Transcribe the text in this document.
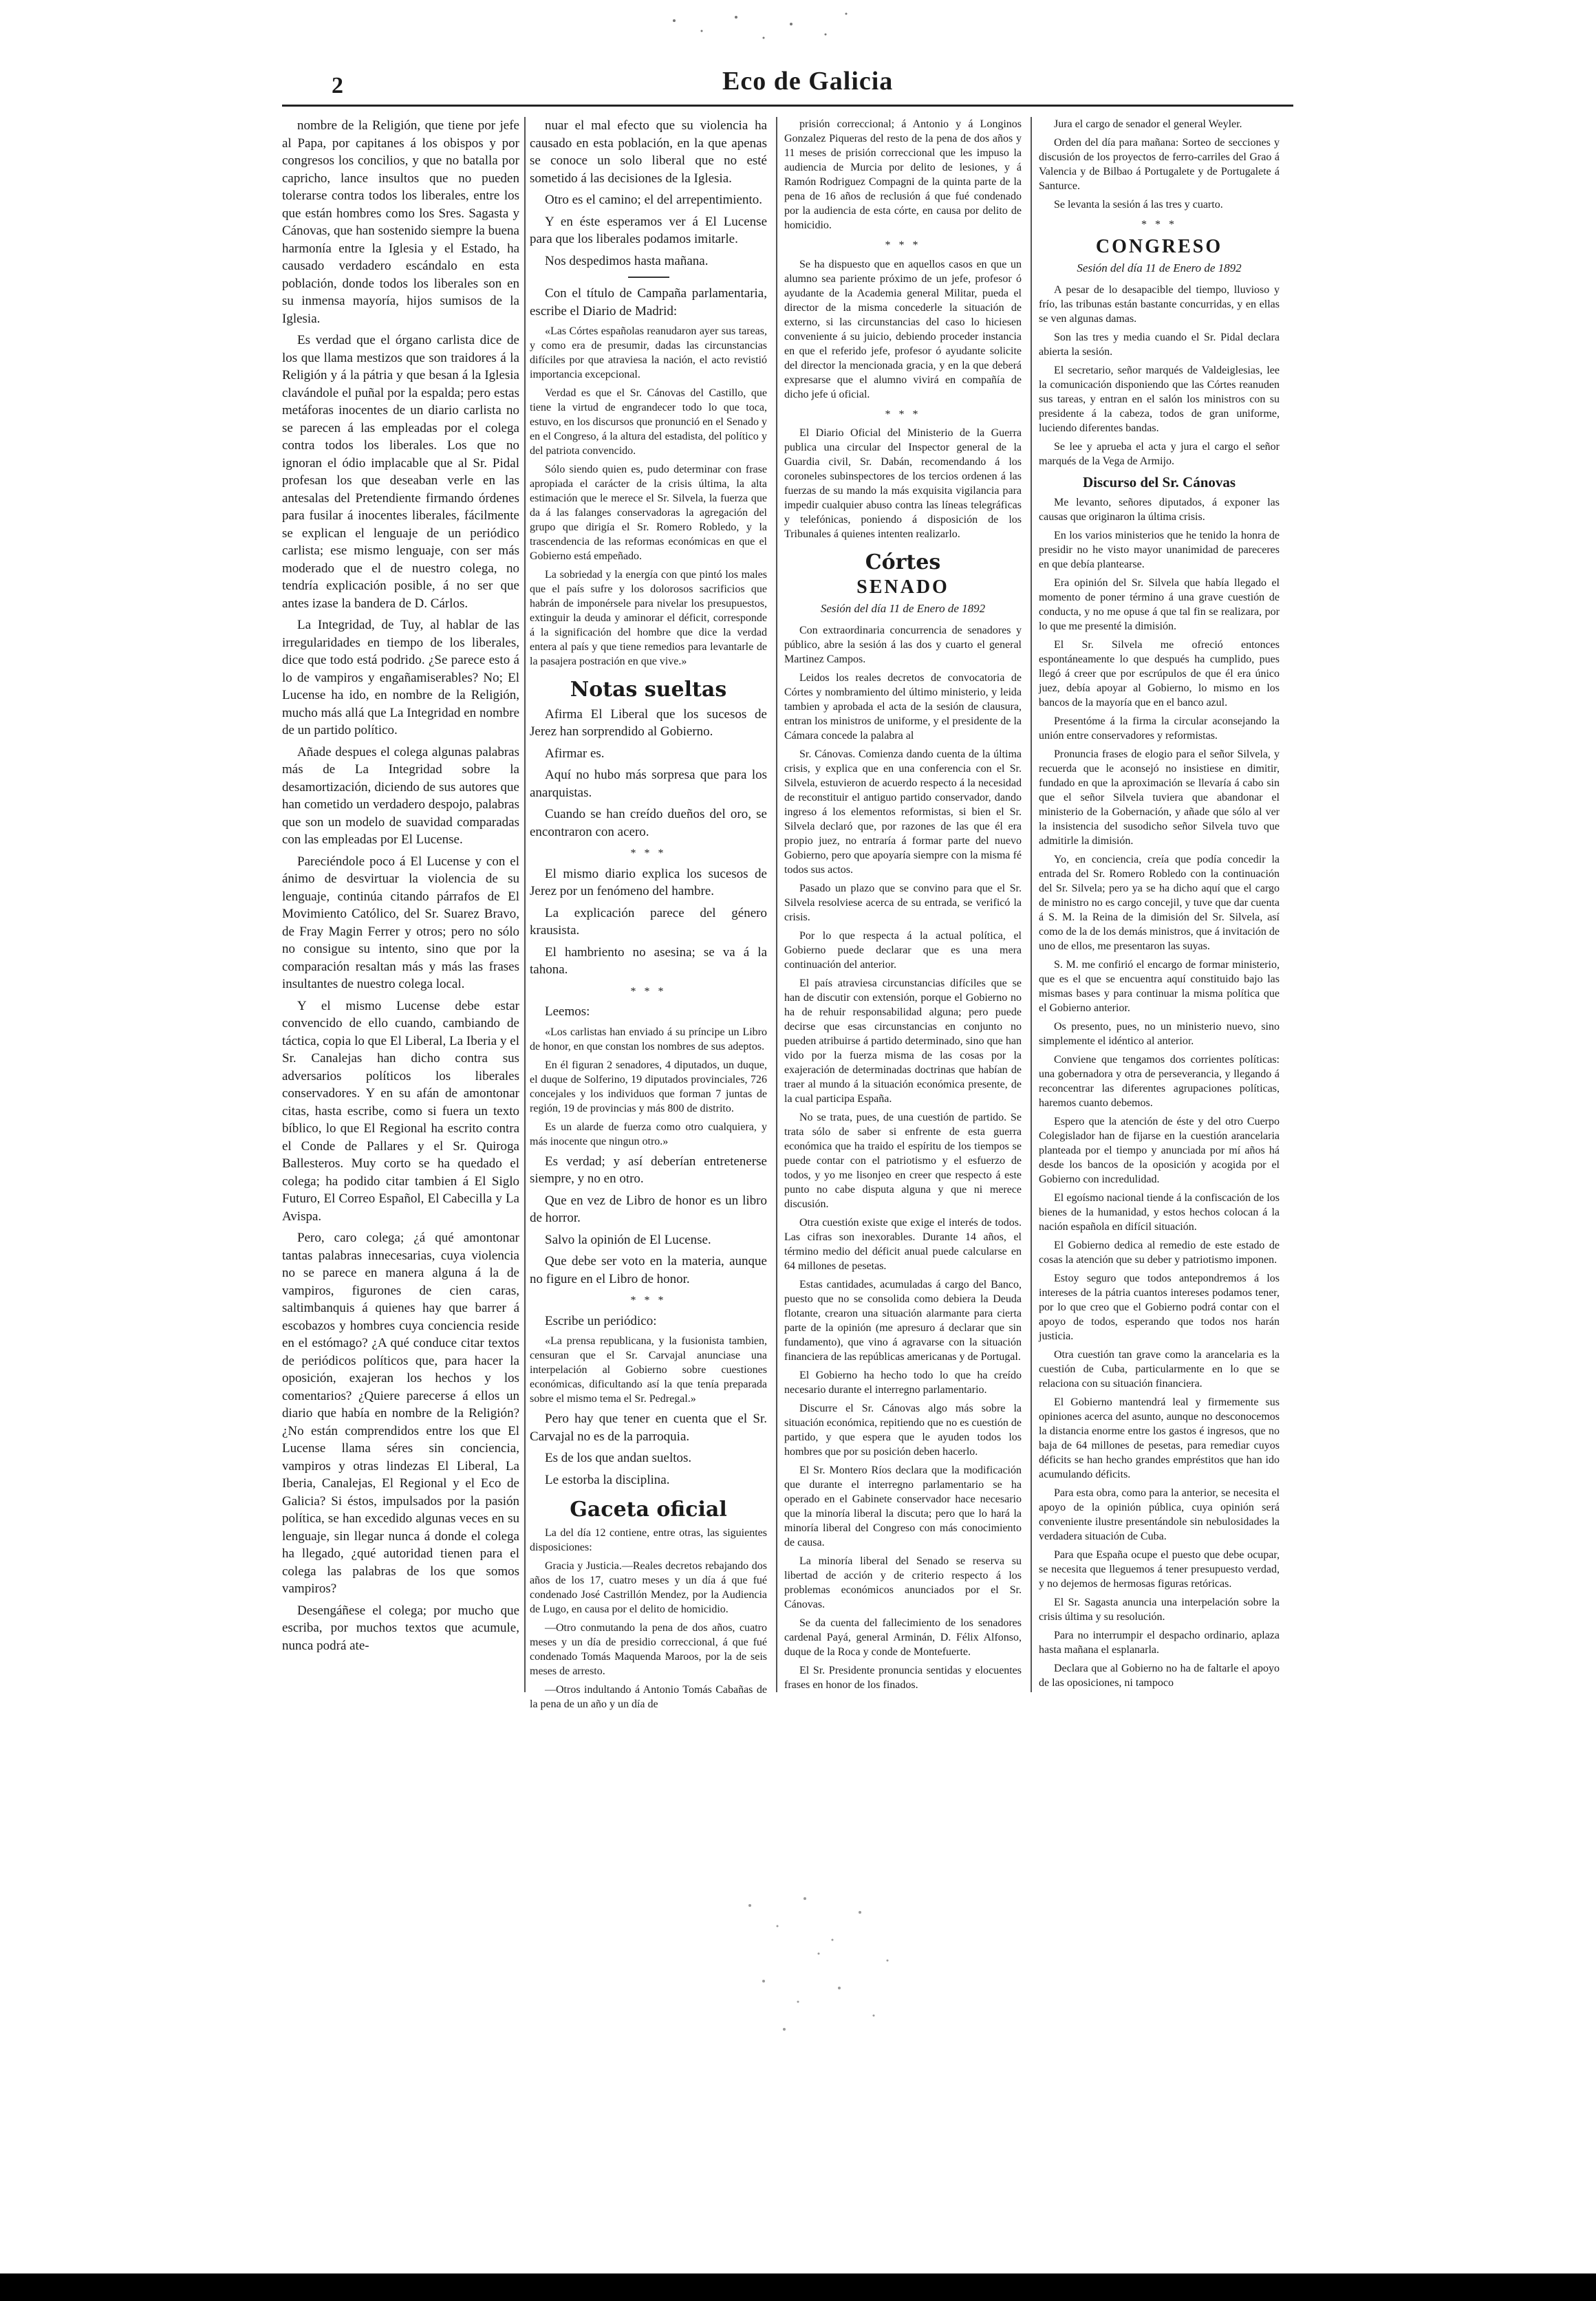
2	Eco de Galicia

nombre de la Religión, que tiene por jefe al Papa, por capitanes á los obispos y por congresos los concilios, y que no batalla por capricho, lance insultos que no pueden tolerarse contra todos los liberales, entre los que están hombres como los Sres. Sagasta y Cánovas, que han sostenido siempre la buena harmonía entre la Iglesia y el Estado, ha causado verdadero escándalo en esta población, donde todos los liberales son en su inmensa mayoría, hijos sumisos de la Iglesia.

Es verdad que el órgano carlista dice de los que llama mestizos que son traidores á la Religión y á la pátria y que besan á la Iglesia clavándole el puñal por la espalda; pero estas metáforas inocentes de un diario carlista no se parecen á las empleadas por el colega contra todos los liberales. Los que no ignoran el ódio implacable que al Sr. Pidal profesan los que deseaban verle en las antesalas del Pretendiente firmando órdenes para fusilar á inocentes liberales, fácilmente se explican el lenguaje de un periódico carlista; ese mismo lenguaje, con ser más moderado que el de nuestro colega, no tendría explicación posible, á no ser que antes izase la bandera de D. Cárlos.

La Integridad, de Tuy, al hablar de las irregularidades en tiempo de los liberales, dice que todo está podrido. ¿Se parece esto á lo de vampiros y engañamiserables? No; El Lucense ha ido, en nombre de la Religión, mucho más allá que La Integridad en nombre de un partido político.

Añade despues el colega algunas palabras más de La Integridad sobre la desamortización, diciendo de sus autores que han cometido un verdadero despojo, palabras que son un modelo de suavidad comparadas con las empleadas por El Lucense.

Pareciéndole poco á El Lucense y con el ánimo de desvirtuar la violencia de su lenguaje, continúa citando párrafos de El Movimiento Católico, del Sr. Suarez Bravo, de Fray Magin Ferrer y otros; pero no sólo no consigue su intento, sino que por la comparación resaltan más y más las frases insultantes de nuestro colega local.

Y el mismo Lucense debe estar convencido de ello cuando, cambiando de táctica, copia lo que El Liberal, La Iberia y el Sr. Canalejas han dicho contra sus adversarios políticos los liberales conservadores. Y en su afán de amontonar citas, hasta escribe, como si fuera un texto bíblico, lo que El Regional ha escrito contra el Conde de Pallares y el Sr. Quiroga Ballesteros. Muy corto se ha quedado el colega; ha podido citar tambien á El Siglo Futuro, El Correo Español, El Cabecilla y La Avispa.

Pero, caro colega; ¿á qué amontonar tantas palabras innecesarias, cuya violencia no se parece en manera alguna á la de vampiros, figurones de cien caras, saltimbanquis á quienes hay que barrer á escobazos y hombres cuya conciencia reside en el estómago? ¿A qué conduce citar textos de periódicos políticos que, para hacer la oposición, exajeran los hechos y los comentarios? ¿Quiere parecerse á ellos un diario que había en nombre de la Religión? ¿No están comprendidos entre los que El Lucense llama séres sin conciencia, vampiros y otras lindezas El Liberal, La Iberia, Canalejas, El Regional y el Eco de Galicia? Si éstos, impulsados por la pasión política, se han excedido algunas veces en su lenguaje, sin llegar nunca á donde el colega ha llegado, ¿qué autoridad tienen para el colega las palabras de los que somos vampiros?

Desengáñese el colega; por mucho que escriba, por muchos textos que acumule, nunca podrá ate-

nuar el mal efecto que su violencia ha causado en esta población, en la que apenas se conoce un solo liberal que no esté sometido á las decisiones de la Iglesia.

Otro es el camino; el del arrepentimiento.

Y en éste esperamos ver á El Lucense para que los liberales podamos imitarle.

Nos despedimos hasta mañana.

Con el título de Campaña parlamentaria, escribe el Diario de Madrid:

«Las Córtes españolas reanudaron ayer sus tareas, y como era de presumir, dadas las circunstancias difíciles por que atraviesa la nación, el acto revistió importancia excepcional.

Verdad es que el Sr. Cánovas del Castillo, que tiene la virtud de engrandecer todo lo que toca, estuvo, en los discursos que pronunció en el Senado y en el Congreso, á la altura del estadista, del político y del patriota convencido.

Sólo siendo quien es, pudo determinar con frase apropiada el carácter de la crisis última, la alta estimación que le merece el Sr. Silvela, la fuerza que da á las falanges conservadoras la agregación del grupo que dirigía el Sr. Romero Robledo, y la trascendencia de las reformas económicas en que el Gobierno está empeñado.

La sobriedad y la energía con que pintó los males que el país sufre y los dolorosos sacrificios que habrán de imponérsele para nivelar los presupuestos, extinguir la deuda y aminorar el déficit, corresponde á la significación del hombre que dice la verdad entera al país y que tiene remedios para levantarle de la pasajera postración en que vive.»

Notas sueltas

Afirma El Liberal que los sucesos de Jerez han sorprendido al Gobierno.

Afirmar es.

Aquí no hubo más sorpresa que para los anarquistas.

Cuando se han creído dueños del oro, se encontraron con acero.

* * *

El mismo diario explica los sucesos de Jerez por un fenómeno del hambre.

La explicación parece del género krausista.

El hambriento no asesina; se va á la tahona.

* * *

Leemos:

«Los carlistas han enviado á su príncipe un Libro de honor, en que constan los nombres de sus adeptos.

En él figuran 2 senadores, 4 diputados, un duque, el duque de Solferino, 19 diputados provinciales, 726 concejales y los individuos que forman 7 juntas de región, 19 de provincias y más 800 de distrito.

Es un alarde de fuerza como otro cualquiera, y más inocente que ningun otro.»

Es verdad; y así deberían entretenerse siempre, y no en otro.

Que en vez de Libro de honor es un libro de horror.

Salvo la opinión de El Lucense.

Que debe ser voto en la materia, aunque no figure en el Libro de honor.

* * *

Escribe un periódico:

«La prensa republicana, y la fusionista tambien, censuran que el Sr. Carvajal anunciase una interpelación al Gobierno sobre cuestiones económicas, dificultando así la que tenía preparada sobre el mismo tema el Sr. Pedregal.»

Pero hay que tener en cuenta que el Sr. Carvajal no es de la parroquia.

Es de los que andan sueltos.

Le estorba la disciplina.

Gaceta oficial

La del día 12 contiene, entre otras, las siguientes disposiciones:

Gracia y Justicia.—Reales decretos rebajando dos años de los 17, cuatro meses y un día á que fué condenado José Castrillón Mendez, por la Audiencia de Lugo, en causa por el delito de homicidio.

—Otro conmutando la pena de dos años, cuatro meses y un día de presidio correccional, á que fué condenado Tomás Maquenda Maroos, por la de seis meses de arresto.

—Otros indultando á Antonio Tomás Cabañas de la pena de un año y un día de

prisión correccional; á Antonio y á Longinos Gonzalez Piqueras del resto de la pena de dos años y 11 meses de prisión correccional que les impuso la audiencia de Murcia por delito de lesiones, y á Ramón Rodriguez Compagni de la quinta parte de la pena de 16 años de reclusión á que fué condenado por la audiencia de esta córte, en causa por delito de homicidio.

* * *

Se ha dispuesto que en aquellos casos en que un alumno sea pariente próximo de un jefe, profesor ó ayudante de la Academia general Militar, pueda el director de la misma concederle la situación de externo, si las circunstancias del caso lo hiciesen conveniente á su juicio, debiendo proceder instancia en que el referido jefe, profesor ó ayudante solicite del director la mencionada gracia, y en la que deberá expresarse que el alumno vivirá en compañía de dicho jefe ú oficial.

* * *

El Diario Oficial del Ministerio de la Guerra publica una circular del Inspector general de la Guardia civil, Sr. Dabán, recomendando á los coroneles subinspectores de los tercios ordenen á las fuerzas de su mando la más exquisita vigilancia para impedir cualquier abuso contra las líneas telegráficas y telefónicas, poniendo á disposición de los Tribunales á quienes intenten realizarlo.

Córtes
SENADO
Sesión del día 11 de Enero de 1892

Con extraordinaria concurrencia de senadores y público, abre la sesión á las dos y cuarto el general Martinez Campos.

Leidos los reales decretos de convocatoria de Córtes y nombramiento del último ministerio, y leida tambien y aprobada el acta de la sesión de clausura, entran los ministros de uniforme, y el presidente de la Cámara concede la palabra al

Sr. Cánovas. Comienza dando cuenta de la última crisis, y explica que en una conferencia con el Sr. Silvela, estuvieron de acuerdo respecto á la necesidad de reconstituir el antiguo partido conservador, dando ingreso á los elementos reformistas, si bien el Sr. Silvela declaró que, por razones de las que él era propio juez, no entraría á formar parte del nuevo Gobierno, pero que apoyaría siempre con la misma fé todos sus actos.

Pasado un plazo que se convino para que el Sr. Silvela resolviese acerca de su entrada, se verificó la crisis.

Por lo que respecta á la actual política, el Gobierno puede declarar que es una mera continuación del anterior.

El país atraviesa circunstancias difíciles que se han de discutir con extensión, porque el Gobierno no ha de rehuir responsabilidad alguna; pero puede decirse que esas circunstancias en conjunto no pueden atribuirse á partido determinado, sino que han vido por la fuerza misma de las cosas por la exajeración de determinadas doctrinas que habían de traer al mundo á la situación económica presente, de la cual participa España.

No se trata, pues, de una cuestión de partido. Se trata sólo de saber si enfrente de esta guerra económica que ha traido el espíritu de los tiempos se puede contar con el patriotismo y el esfuerzo de todos, y yo me lisonjeo en creer que respecto á este punto no cabe disputa alguna y que ni merece discusión.

Otra cuestión existe que exige el interés de todos. Las cifras son inexorables. Durante 14 años, el término medio del déficit anual puede calcularse en 64 millones de pesetas.

Estas cantidades, acumuladas á cargo del Banco, puesto que no se consolida como debiera la Deuda flotante, crearon una situación alarmante para cierta parte de la opinión (me apresuro á declarar que sin fundamento), que vino á agravarse con la situación financiera de las repúblicas americanas y de Portugal.

El Gobierno ha hecho todo lo que ha creído necesario durante el interregno parlamentario.

Discurre el Sr. Cánovas algo más sobre la situación económica, repitiendo que no es cuestión de partido, y que espera que le ayuden todos los hombres que por su posición deben hacerlo.

El Sr. Montero Ríos declara que la modificación que durante el interregno parlamentario se ha operado en el Gabinete conservador hace necesario que la minoría liberal la discuta; pero que lo hará la minoría liberal del Congreso con más conocimiento de causa.

La minoría liberal del Senado se reserva su libertad de acción y de criterio respecto á los problemas económicos anunciados por el Sr. Cánovas.

Se da cuenta del fallecimiento de los senadores cardenal Payá, general Arminán, D. Félix Alfonso, duque de la Roca y conde de Montefuerte.

El Sr. Presidente pronuncia sentidas y elocuentes frases en honor de los finados.

Jura el cargo de senador el general Weyler.

Orden del día para mañana: Sorteo de secciones y discusión de los proyectos de ferro-carriles del Grao á Valencia y de Bilbao á Portugalete y de Portugalete á Santurce.

Se levanta la sesión á las tres y cuarto.

* * *
CONGRESO
Sesión del día 11 de Enero de 1892

A pesar de lo desapacible del tiempo, lluvioso y frío, las tribunas están bastante concurridas, y en ellas se ven algunas damas.

Son las tres y media cuando el Sr. Pidal declara abierta la sesión.

El secretario, señor marqués de Valdeiglesias, lee la comunicación disponiendo que las Córtes reanuden sus tareas, y entran en el salón los ministros con su presidente á la cabeza, todos de gran uniforme, luciendo diferentes bandas.

Se lee y aprueba el acta y jura el cargo el señor marqués de la Vega de Armijo.

Discurso del Sr. Cánovas

Me levanto, señores diputados, á exponer las causas que originaron la última crisis.

En los varios ministerios que he tenido la honra de presidir no he visto mayor unanimidad de pareceres en que debía plantearse.

Era opinión del Sr. Silvela que había llegado el momento de poner término á una grave cuestión de conducta, y no me opuse á que tal fin se realizara, por lo que me presenté la dimisión.

El Sr. Silvela me ofreció entonces espontáneamente lo que después ha cumplido, pues llegó á creer que por escrúpulos de que él era único juez, debía apoyar al Gobierno, lo mismo en los bancos de la mayoría que en el banco azul.

Presentóme á la firma la circular aconsejando la unión entre conservadores y reformistas.

Pronuncia frases de elogio para el señor Silvela, y recuerda que le aconsejó no insistiese en dimitir, fundado en que la aproximación se llevaría á cabo sin que el señor Silvela tuviera que abandonar el ministerio de la Gobernación, y añade que sólo al ver la insistencia del susodicho señor Silvela tuvo que admitirle la dimisión.

Yo, en conciencia, creía que podía concedir la entrada del Sr. Romero Robledo con la continuación del Sr. Silvela; pero ya se ha dicho aquí que el cargo de ministro no es cargo concejil, y tuve que dar cuenta á S. M. la Reina de la dimisión del Sr. Silvela, así como de la de los demás ministros, que á invitación de uno de ellos, me presentaron las suyas.

S. M. me confirió el encargo de formar ministerio, que es el que se encuentra aquí constituido bajo las mismas bases y para continuar la misma política que el Gobierno anterior.

Os presento, pues, no un ministerio nuevo, sino simplemente el idéntico al anterior.

Conviene que tengamos dos corrientes políticas: una gobernadora y otra de perseverancia, y llegando á reconcentrar las diferentes agrupaciones políticas, haremos cuanto debemos.

Espero que la atención de éste y del otro Cuerpo Colegislador han de fijarse en la cuestión arancelaria planteada por el tiempo y anunciada por mí años há desde los bancos de la oposición y acogida por el Gobierno con incredulidad.

El egoísmo nacional tiende á la confiscación de los bienes de la humanidad, y estos hechos colocan á la nación española en difícil situación.

El Gobierno dedica al remedio de este estado de cosas la atención que su deber y patriotismo imponen.

Estoy seguro que todos antepondremos á los intereses de la pátria cuantos intereses podamos tener, por lo que creo que el Gobierno podrá contar con el apoyo de todos, esperando que todos nos harán justicia.

Otra cuestión tan grave como la arancelaria es la cuestión de Cuba, particularmente en lo que se relaciona con su situación financiera.

El Gobierno mantendrá leal y firmemente sus opiniones acerca del asunto, aunque no desconocemos la distancia enorme entre los gastos é ingresos, que no baja de 64 millones de pesetas, para remediar cuyos déficits se han hecho grandes empréstitos que han ido acumulando déficits.

Para esta obra, como para la anterior, se necesita el apoyo de la opinión pública, cuya opinión será conveniente ilustre presentándole sin nebulosidades la verdadera situación de Cuba.

Para que España ocupe el puesto que debe ocupar, se necesita que lleguemos á tener presupuesto verdad, y no dejemos de hermosas figuras retóricas.

El Sr. Sagasta anuncia una interpelación sobre la crisis última y su resolución.

Para no interrumpir el despacho ordinario, aplaza hasta mañana el esplanarla.

Declara que al Gobierno no ha de faltarle el apoyo de las oposiciones, ni tampoco
